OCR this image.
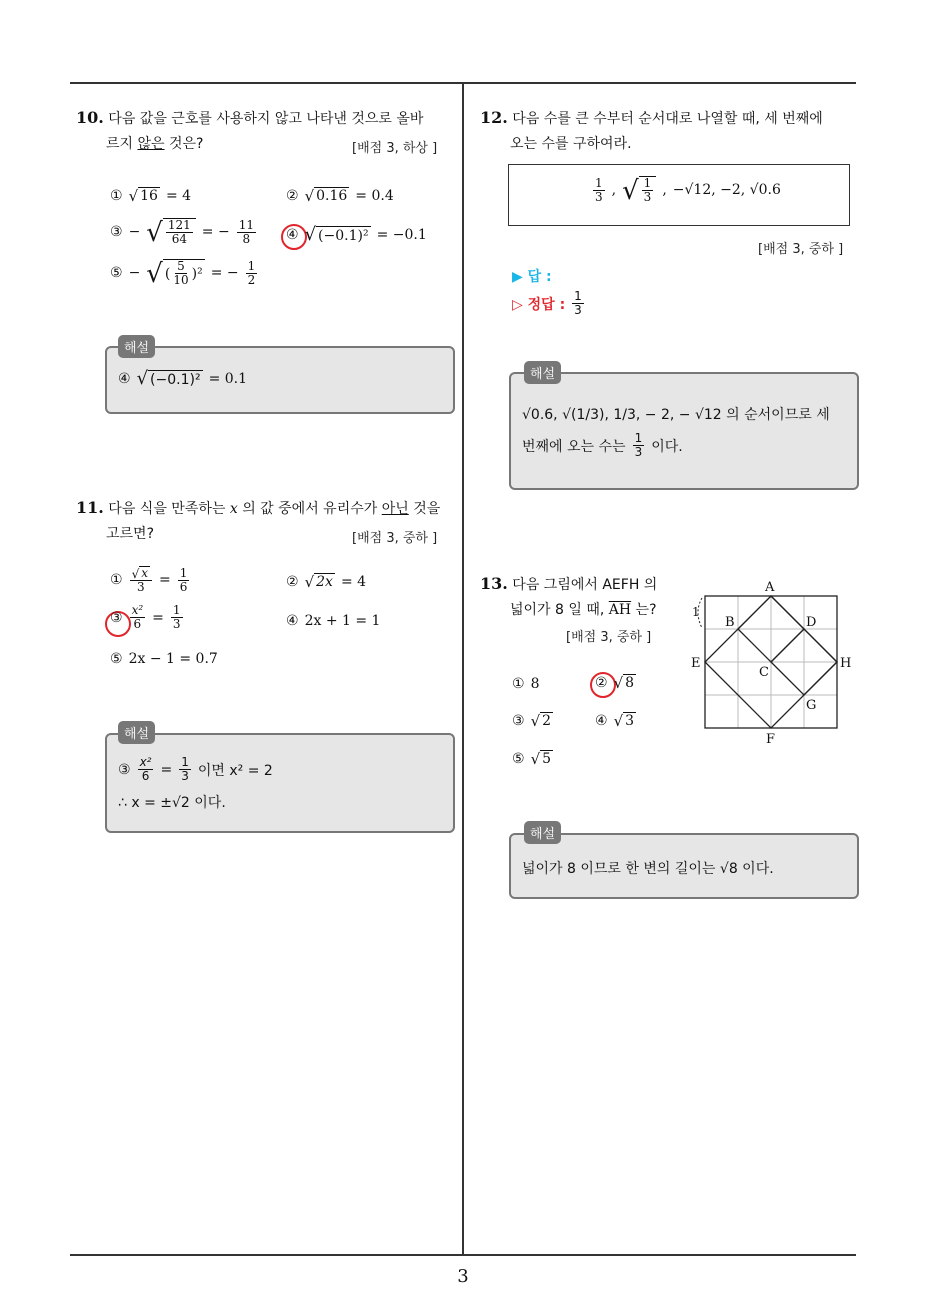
3
10. 다음 값을 근호를 사용하지 않고 나타낸 것으로 올바
르지 않은 것은?	[배점 3, 하상 ]
① √ 16 = 4	② √ 0.16 = 0.4
③ − √ $\frac{121}{64}$ = − $\frac{11}{8}$ ④ √ (−0.1)² = −0.1
⑤ − √ ( $\frac{5}{10} )^2$ = − $\frac{1}{2}$
해설
④ √ (−0.1)² = 0.1
11. 다음 식을 만족하는 x 의 값 중에서 유리수가 아닌 것을
고르면?	[배점 3, 중하 ]
① $\frac{√ x}{3} = \frac{1}{6}$	② √ 2x = 4
③ $\frac{\text{x²}}{6} = \frac{1}{3}$	④ 2x + 1 = 1
⑤ 2x − 1 = 0.7̇
해설
③ $\frac{\text{x²}}{6} = \frac{1}{3}$ 이면 x² = 2
∴ x = ±√2 이다.
12. 다음 수를 큰 수부터 순서대로 나열할 때, 세 번째에
오는 수를 구하여라.
$\frac{1}{3}$ , √ $\frac{1}{3}$ , −√12, −2, √0.6
[배점 3, 중하 ]
▶ 답 :
▷ 정답 : $\frac{1}{3}$
해설
√0.6, √(1/3), 1/3, − 2, − √12 의 순서이므로 세
번째에 오는 수는 $\frac{1}{3}$ 이다.
13. 다음 그림에서 AEFH 의
넓이가 8 일 때, $\overline{AH}$ 는?
[배점 3, 중하 ]
① 8	② √ 8
③ √ 2	④ √ 3
⑤ √ 5
A
B
C
D
E
F
G
H
1
해설
넓이가 8 이므로 한 변의 길이는 √8 이다.
